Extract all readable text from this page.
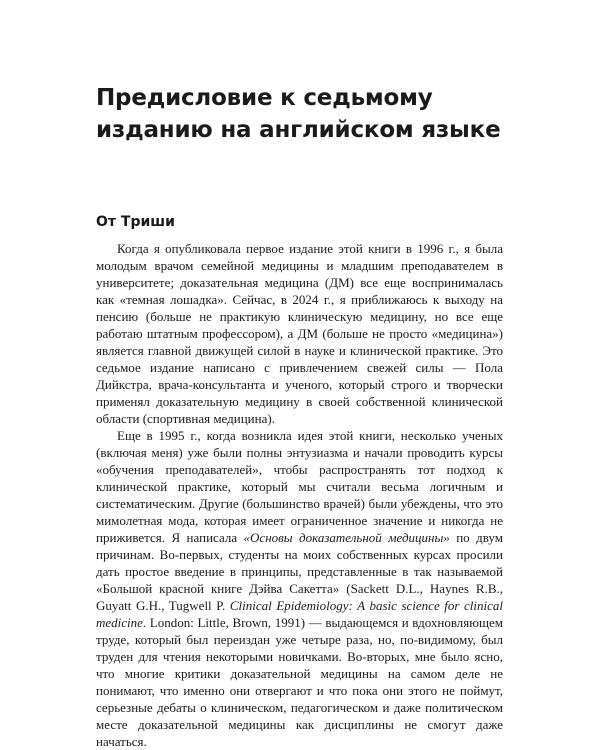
Предисловие к седьмому изданию на английском языке
От Триши

Когда я опубликовала первое издание этой книги в 1996 г., я была молодым врачом семейной медицины и младшим преподавателем в университете; доказательная медицина (ДМ) все еще воспринималась как «темная лошадка». Сейчас, в 2024 г., я приближаюсь к выходу на пенсию (больше не практикую клиническую медицину, но все еще работаю штатным профессором), а ДМ (больше не просто «медицина») является главной движущей силой в науке и клинической практике. Это седьмое издание написано с привлечением свежей силы — Пола Дийкстра, врача-консультанта и ученого, который строго и творчески применял доказательную медицину в своей собственной клинической области (спортивная медицина).

Еще в 1995 г., когда возникла идея этой книги, несколько ученых (включая меня) уже были полны энтузиазма и начали проводить курсы «обучения преподавателей», чтобы распространять тот подход к клинической практике, который мы считали весьма логичным и систематическим. Другие (большинство врачей) были убеждены, что это мимолетная мода, которая имеет ограниченное значение и никогда не приживется. Я написала «Основы доказательной медицины» по двум причинам. Во-первых, студенты на моих собственных курсах просили дать простое введение в принципы, представленные в так называемой «Большой красной книге Дэйва Сакетта» (Sackett D.L., Haynes R.B., Guyatt G.H., Tugwell P. Clinical Epidemiology: A basic science for clinical medicine. London: Little, Brown, 1991) — выдающемся и вдохновляющем труде, который был переиздан уже четыре раза, но, по-видимому, был труден для чтения некоторыми новичками. Во-вторых, мне было ясно, что многие критики доказательной медицины на самом деле не понимают, что именно они отвергают и что пока они этого не поймут, серьезные дебаты о клиническом, педагогическом и даже политическом месте доказательной медицины как дисциплины не смогут даже начаться.
